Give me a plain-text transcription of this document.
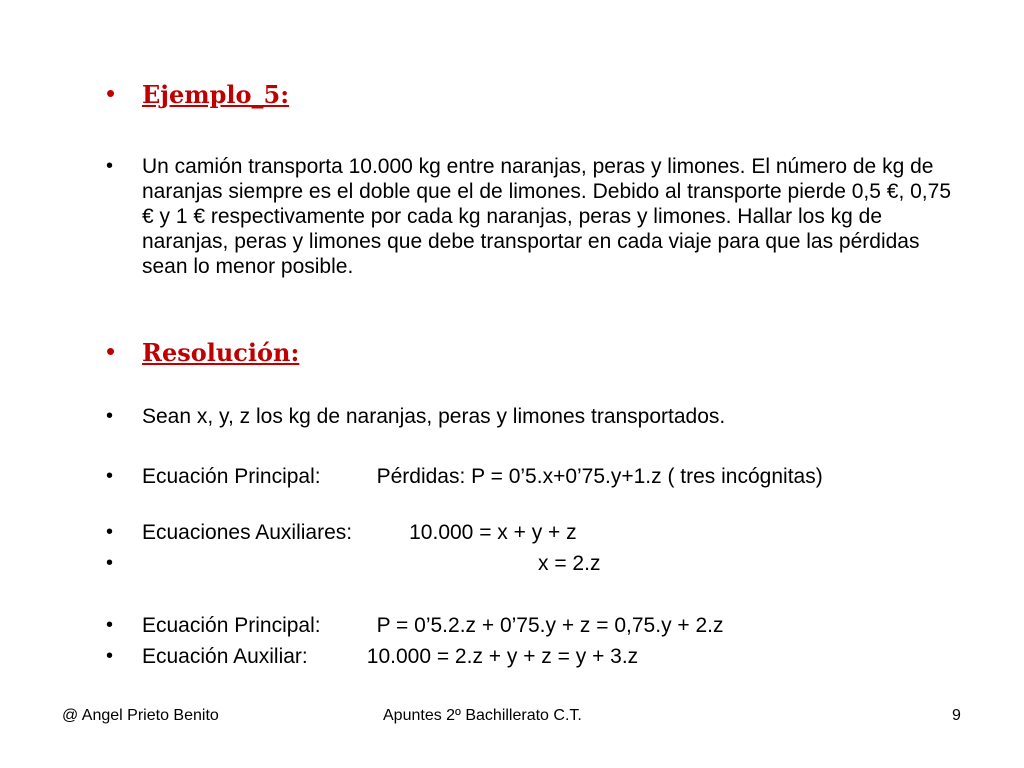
• Ejemplo_5:
• Un camión transporta 10.000 kg entre naranjas, peras y limones. El número de kg de naranjas siempre es el doble que el de limones. Debido al transporte pierde 0,5 €, 0,75 € y 1 € respectivamente por cada kg naranjas, peras y limones. Hallar los kg de naranjas, peras y limones que debe transportar en cada viaje para que las pérdidas sean lo menor posible.
• Resolución:
• Sean x, y, z los kg de naranjas, peras y limones transportados.
• Ecuación Principal:	Pérdidas: P = 0’5.x+0’75.y+1.z ( tres incógnitas)
• Ecuaciones Auxiliares:	10.000 = x + y + z
•	x = 2.z
• Ecuación Principal:	P = 0’5.2.z + 0’75.y + z = 0,75.y + 2.z
• Ecuación Auxiliar:	10.000 = 2.z + y + z = y + 3.z
@ Angel Prieto Benito	Apuntes 2º Bachillerato C.T.	9
